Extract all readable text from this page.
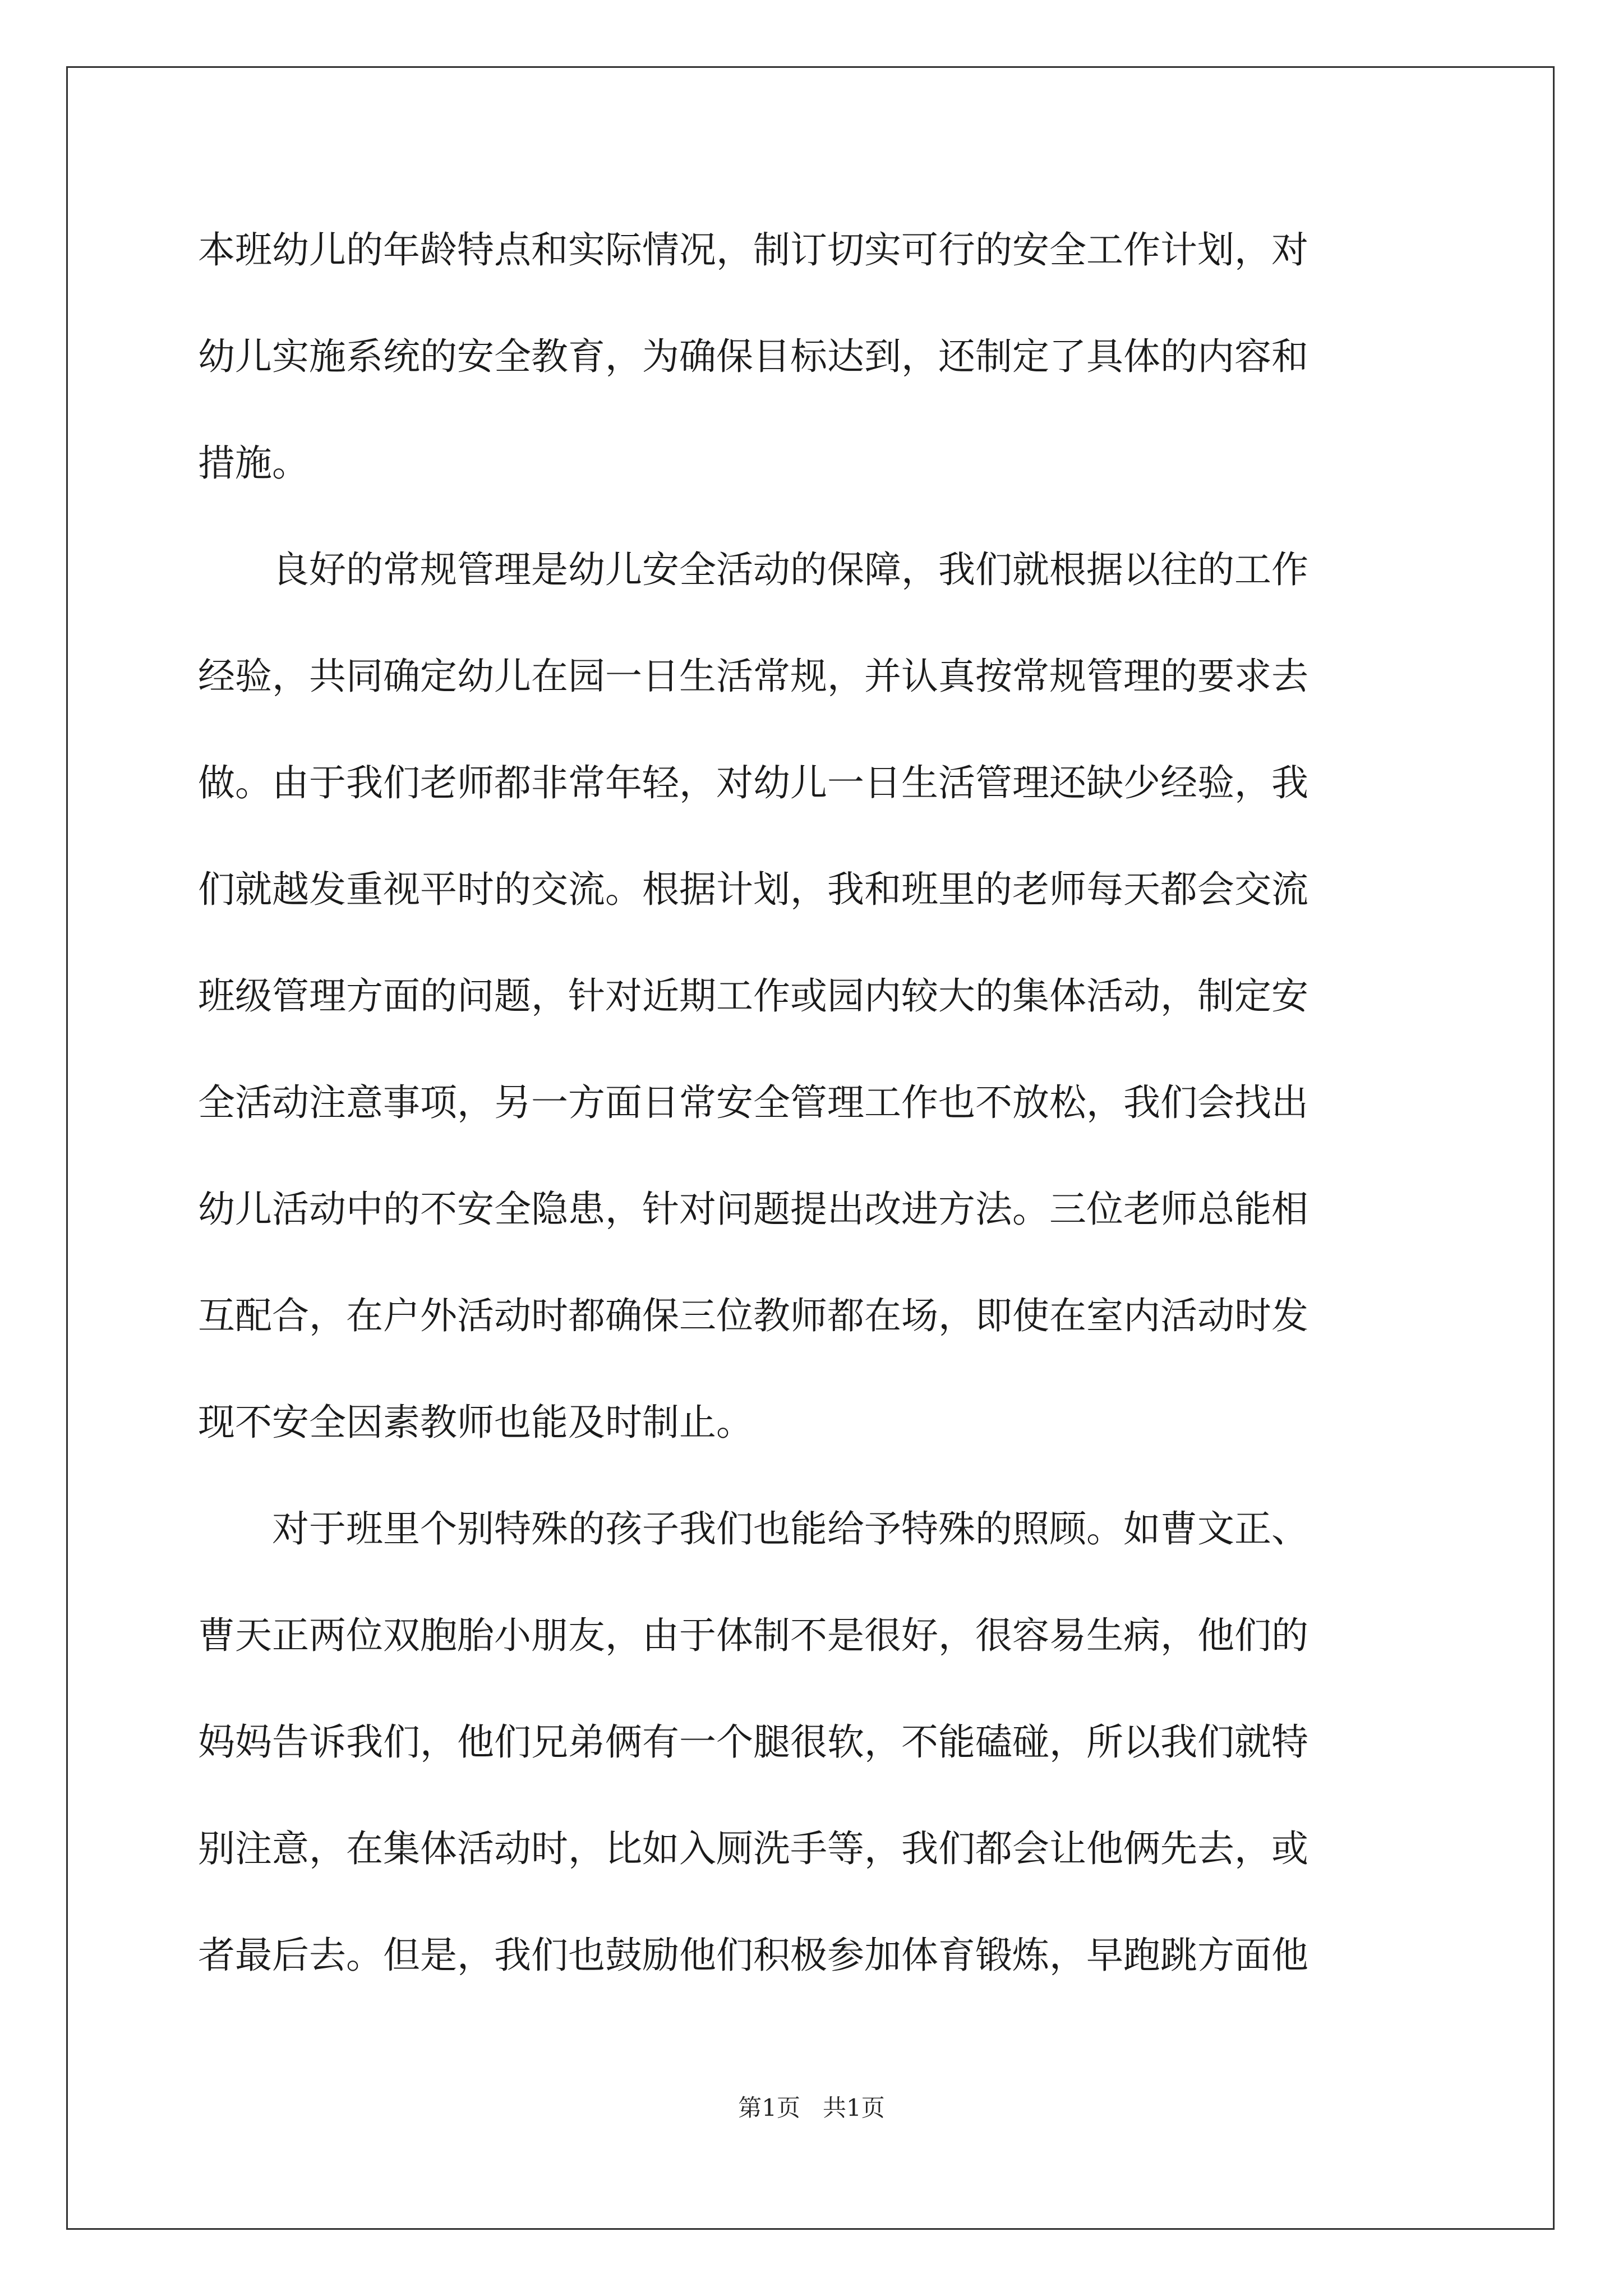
本班幼儿的年龄特点和实际情况，制订切实可行的安全工作计划，对

幼儿实施系统的安全教育，为确保目标达到，还制定了具体的内容和

措施。

　　良好的常规管理是幼儿安全活动的保障，我们就根据以往的工作

经验，共同确定幼儿在园一日生活常规，并认真按常规管理的要求去

做。由于我们老师都非常年轻，对幼儿一日生活管理还缺少经验，我

们就越发重视平时的交流。根据计划，我和班里的老师每天都会交流

班级管理方面的问题，针对近期工作或园内较大的集体活动，制定安

全活动注意事项，另一方面日常安全管理工作也不放松，我们会找出

幼儿活动中的不安全隐患，针对问题提出改进方法。三位老师总能相

互配合，在户外活动时都确保三位教师都在场，即使在室内活动时发

现不安全因素教师也能及时制止。

　　对于班里个别特殊的孩子我们也能给予特殊的照顾。如曹文正、

曹天正两位双胞胎小朋友，由于体制不是很好，很容易生病，他们的

妈妈告诉我们，他们兄弟俩有一个腿很软，不能磕碰，所以我们就特

别注意，在集体活动时，比如入厕洗手等，我们都会让他俩先去，或

者最后去。但是，我们也鼓励他们积极参加体育锻炼，早跑跳方面他

第1页 共1页
